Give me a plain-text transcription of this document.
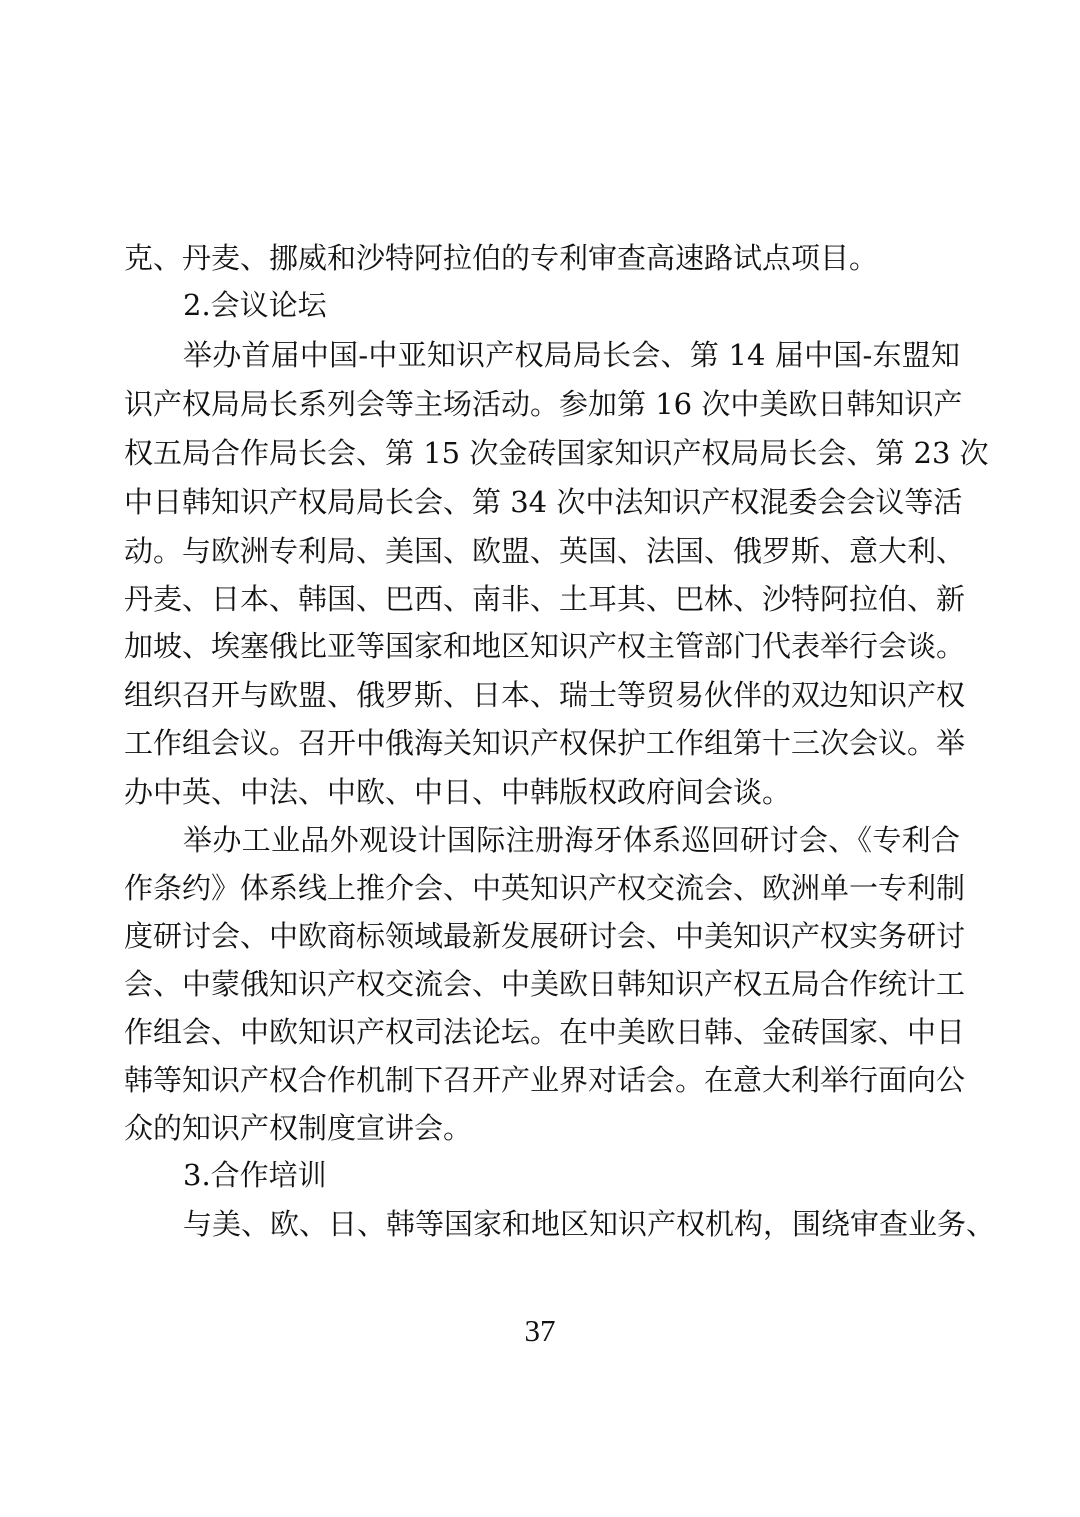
克、丹麦、挪威和沙特阿拉伯的专利审查高速路试点项目。
2.会议论坛
举办首届中国-中亚知识产权局局长会、第 14 届中国-东盟知
识产权局局长系列会等主场活动。参加第 16 次中美欧日韩知识产
权五局合作局长会、第 15 次金砖国家知识产权局局长会、第 23 次
中日韩知识产权局局长会、第 34 次中法知识产权混委会会议等活
动。与欧洲专利局、美国、欧盟、英国、法国、俄罗斯、意大利、
丹麦、日本、韩国、巴西、南非、土耳其、巴林、沙特阿拉伯、新
加坡、埃塞俄比亚等国家和地区知识产权主管部门代表举行会谈。
组织召开与欧盟、俄罗斯、日本、瑞士等贸易伙伴的双边知识产权
工作组会议。召开中俄海关知识产权保护工作组第十三次会议。举
办中英、中法、中欧、中日、中韩版权政府间会谈。
举办工业品外观设计国际注册海牙体系巡回研讨会、《专利合
作条约》体系线上推介会、中英知识产权交流会、欧洲单一专利制
度研讨会、中欧商标领域最新发展研讨会、中美知识产权实务研讨
会、中蒙俄知识产权交流会、中美欧日韩知识产权五局合作统计工
作组会、中欧知识产权司法论坛。在中美欧日韩、金砖国家、中日
韩等知识产权合作机制下召开产业界对话会。在意大利举行面向公
众的知识产权制度宣讲会。
3.合作培训
与美、欧、日、韩等国家和地区知识产权机构，围绕审查业务、
37
